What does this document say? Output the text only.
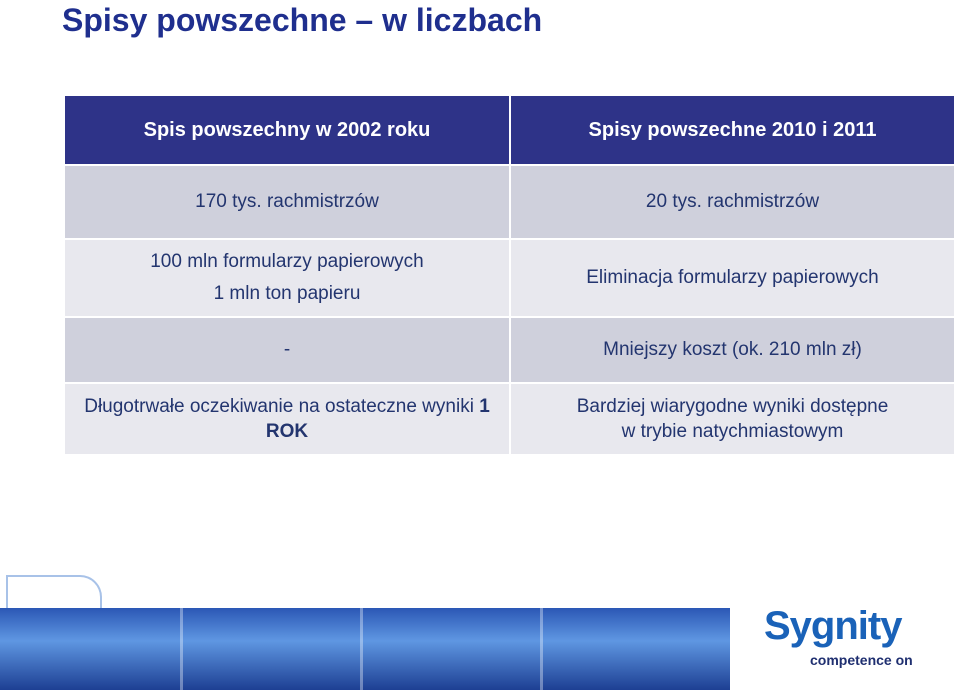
Spisy powszechne – w liczbach
Spis powszechny w 2002 roku	Spisy powszechne 2010 i 2011
170 tys. rachmistrzów	20 tys. rachmistrzów

100 mln formularzy papierowych
1 mln ton papieru	Eliminacja formularzy papierowych
-	Mniejszy koszt (ok. 210 mln zł)
Długotrwałe oczekiwanie na ostateczne wyniki 1 ROK	Bardziej wiarygodne wyniki dostępne
w trybie natychmiastowym
Sygnity
competence on
